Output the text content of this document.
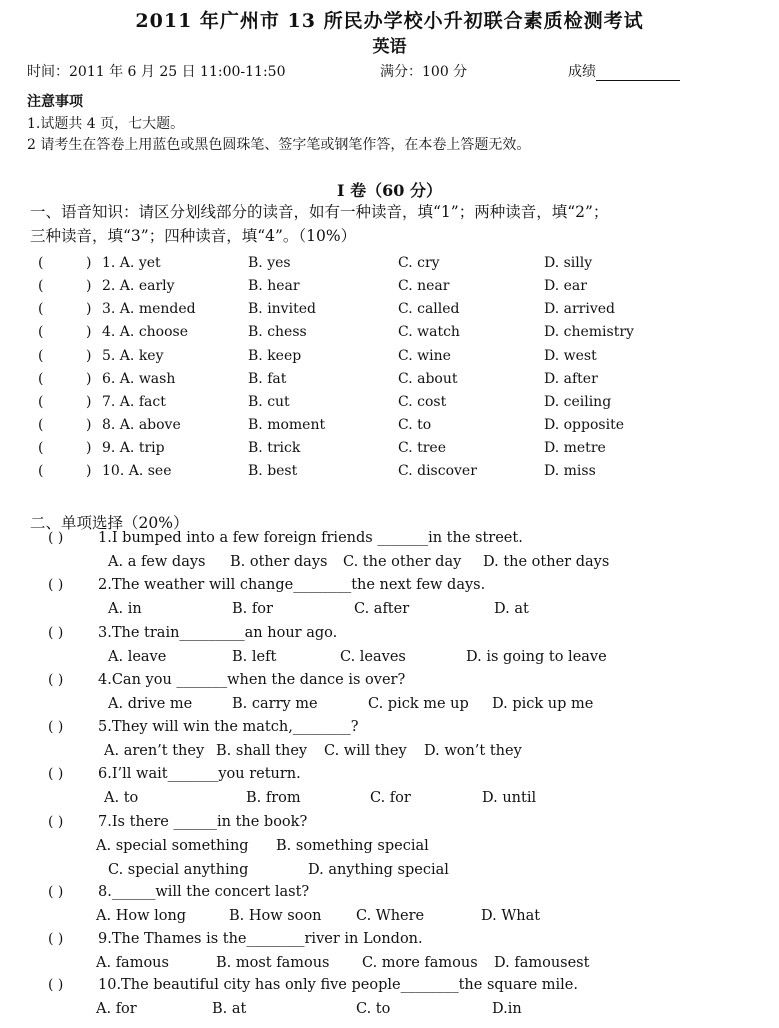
2011 年广州市 13 所民办学校小升初联合素质检测考试
英语
时间：2011 年 6 月 25 日 11:00-11:50	满分：100 分	成绩
注意事项
1.试题共 4 页，七大题。
2 请考生在答卷上用蓝色或黑色圆珠笔、签字笔或钢笔作答，在本卷上答题无效。
I 卷（60 分）
一、语音知识：请区分划线部分的读音，如有一种读音，填“1”；两种读音，填“2”；
三种读音，填“3”；四种读音，填“4”。（10%）
(	) 1. A. yet	B. yes	C. cry	D. silly
(	) 2. A. early	B. hear	C. near	D. ear
(	) 3. A. mended	B. invited	C. called	D. arrived
(	) 4. A. choose	B. chess	C. watch	D. chemistry
(	) 5. A. key	B. keep	C. wine	D. west
(	) 6. A. wash	B. fat	C. about	D. after
(	) 7. A. fact	B. cut	C. cost	D. ceiling
(	) 8. A. above	B. moment	C. to	D. opposite
(	) 9. A. trip	B. trick	C. tree	D. metre
(	) 10. A. see	B. best	C. discover	D. miss
二、单项选择（20%）
( ) 1.I bumped into a few foreign friends _______in the street.
A. a few days B. other days C. the other day D. the other days
( ) 2.The weather will change________the next few days.
A. in	B. for	C. after	D. at
( ) 3.The train_________an hour ago.
A. leave	B. left	C. leaves	D. is going to leave
( ) 4.Can you _______when the dance is over?
A. drive me	B. carry me	C. pick me up D. pick up me
( ) 5.They will win the match,________?
A. aren’t they B. shall they C. will they D. won’t they
( ) 6.I’ll wait_______you return.
A. to	B. from	C. for	D. until
( ) 7.Is there ______in the book?
A. special something B. something special
C. special anything	D. anything special
( ) 8.______will the concert last?
A. How long	B. How soon C. Where	D. What
( ) 9.The Thames is the________river in London.
A. famous	B. most famous C. more famous D. famousest
( ) 10.The beautiful city has only five people________the square mile.
A. for	B. at	C. to	D.in
